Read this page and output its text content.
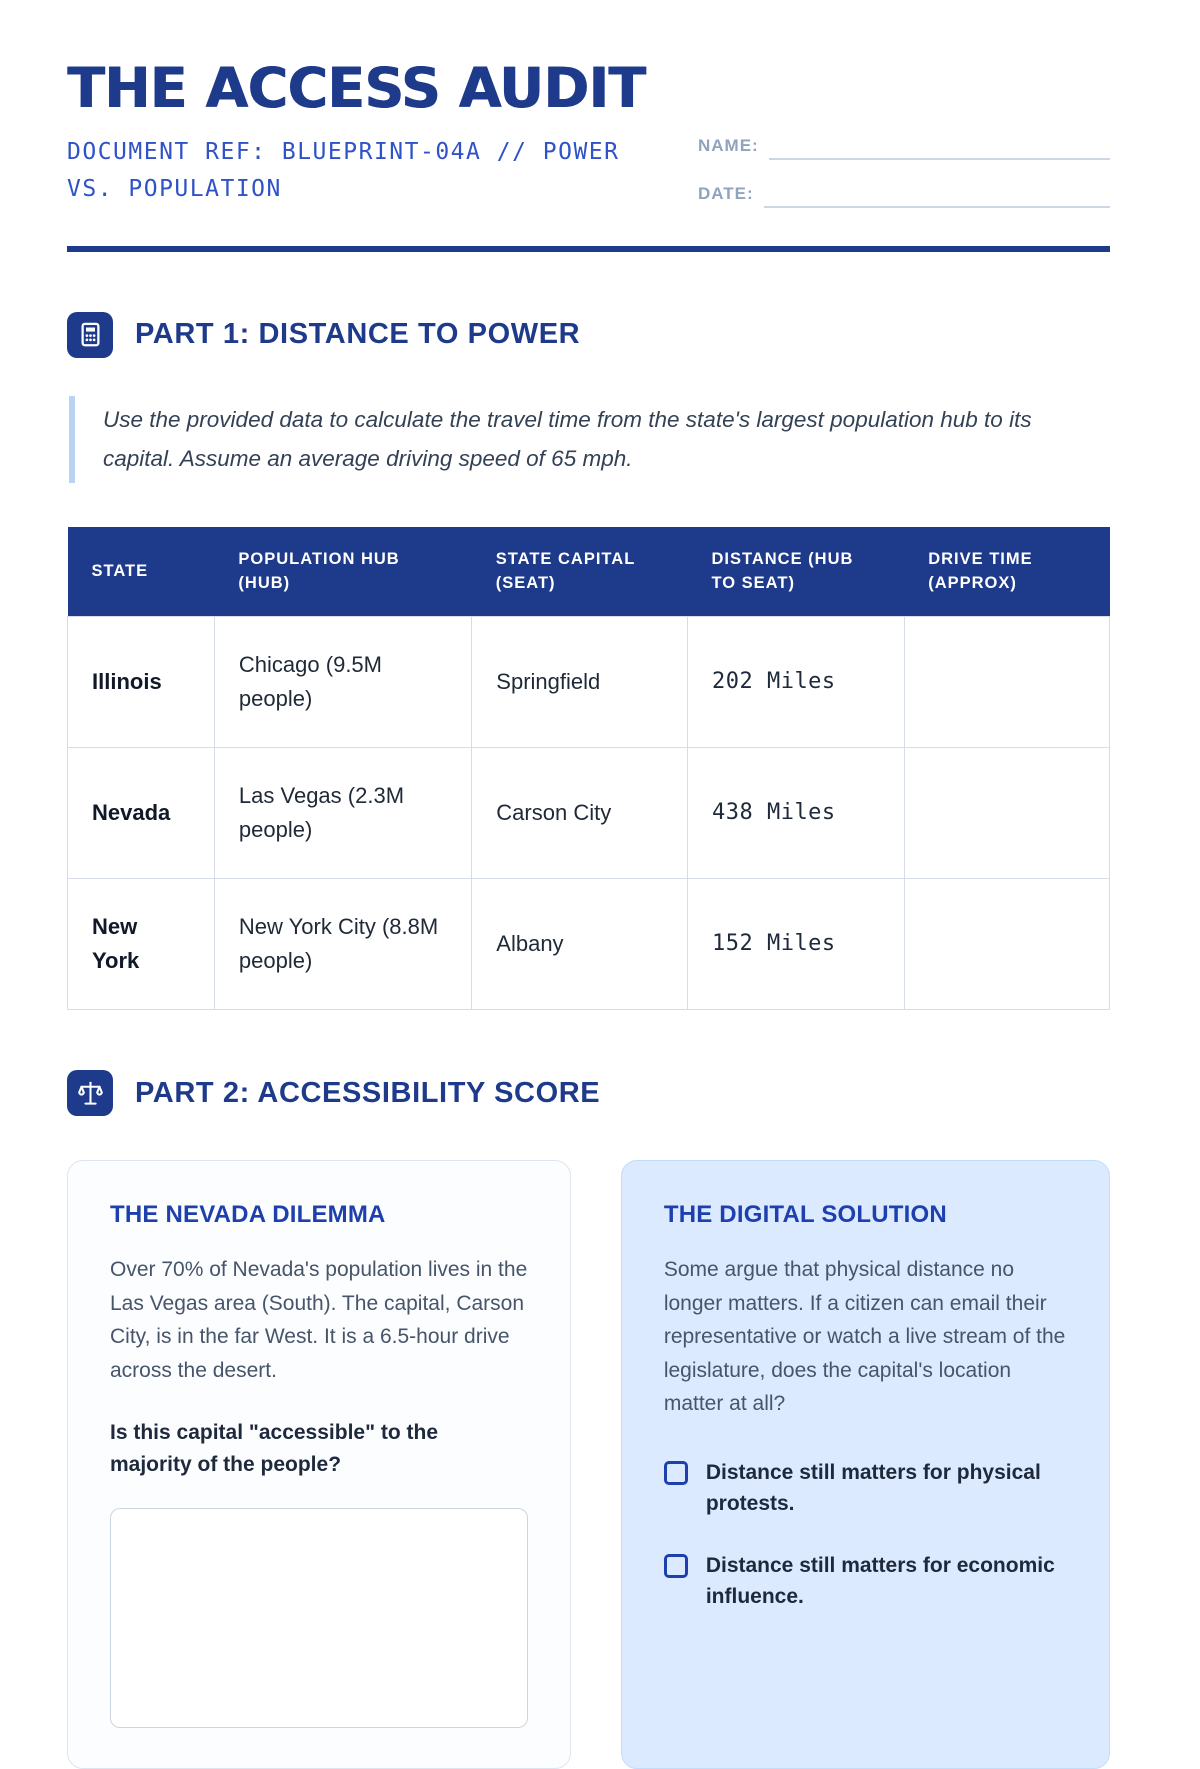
THE ACCESS AUDIT
DOCUMENT REF: BLUEPRINT-04A // POWER VS. POPULATION
NAME:
DATE:
PART 1: DISTANCE TO POWER

Use the provided data to calculate the travel time from the state's largest population hub to its capital. Assume an average driving speed of 65 mph.

STATE	POPULATION HUB (HUB)	STATE CAPITAL (SEAT)	DISTANCE (HUB TO SEAT)	DRIVE TIME (APPROX)
Illinois	Chicago (9.5M people)	Springfield	202 Miles	
Nevada	Las Vegas (2.3M people)	Carson City	438 Miles	
New York	New York City (8.8M people)	Albany	152 Miles	
PART 2: ACCESSIBILITY SCORE
THE NEVADA DILEMMA

Over 70% of Nevada's population lives in the Las Vegas area (South). The capital, Carson City, is in the far West. It is a 6.5-hour drive across the desert.

Is this capital "accessible" to the majority of the people?

THE DIGITAL SOLUTION

Some argue that physical distance no longer matters. If a citizen can email their representative or watch a live stream of the legislature, does the capital's location matter at all?

Distance still matters for physical protests.
Distance still matters for economic influence.
